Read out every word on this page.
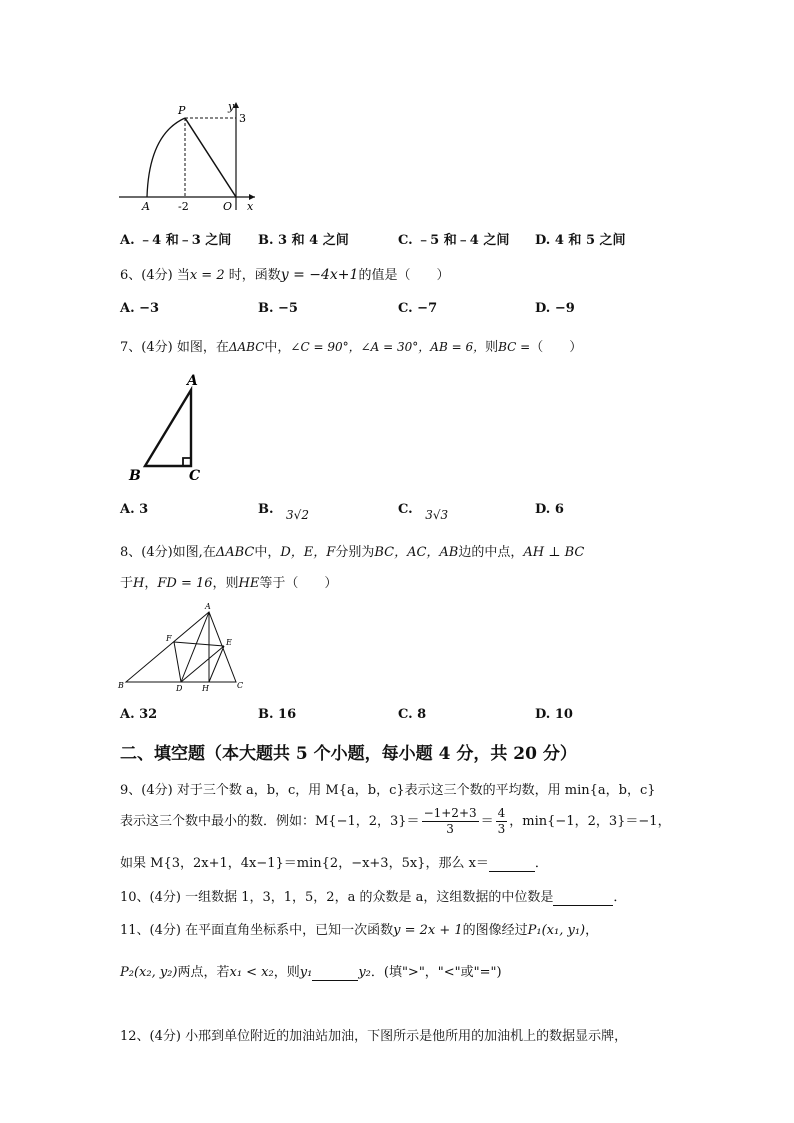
P	y
3
A	-2	O x
A. ﹣4 和﹣3 之间 B. 3 和 4 之间	C. ﹣5 和﹣4 之间 D. 4 和 5 之间
6、(4分) 当x = 2 时，函数y = −4x+1的值是（　　）
A. −3	B. −5	C. −7	D. −9
7、(4分) 如图，在ΔABC中，∠C = 90°，∠A = 30°，AB = 6，则BC =（　　）
A
B	C
A. 3	B. 3√2	C. 3√3	D. 6
8、(4分)如图,在ΔABC中，D，E，F分别为BC，AC，AB边的中点，AH ⊥ BC
于H，FD = 16，则HE等于（　　）
A
B	C
D
E
F
H
A. 32	B. 16	C. 8	D. 10
二、填空题（本大题共 5 个小题，每小题 4 分，共 20 分）
9、(4分) 对于三个数 a，b，c，用 M{a，b，c}表示这三个数的平均数，用 min{a，b，c}
表示这三个数中最小的数．例如：M{−1，2，$3\}= \frac{-1+2+3}{3} = \frac{4}{3}$ ，min{−1，2，3}＝−1，
如果 M{3，2x+1，4x−1}＝min{2，−x+3，5x}，那么 x＝	．
10、(4分) 一组数据 1，3，1，5，2，a 的众数是 a，这组数据的中位数是	．
11、(4分) 在平面直角坐标系中，已知一次函数y = 2x + 1的图像经过P₁(x₁, y₁)，
P₂(x₂, y₂)两点，若x₁ < x₂，则y₁	y₂．(填">"，"<"或"=")
12、(4分) 小邢到单位附近的加油站加油，下图所示是他所用的加油机上的数据显示牌，
